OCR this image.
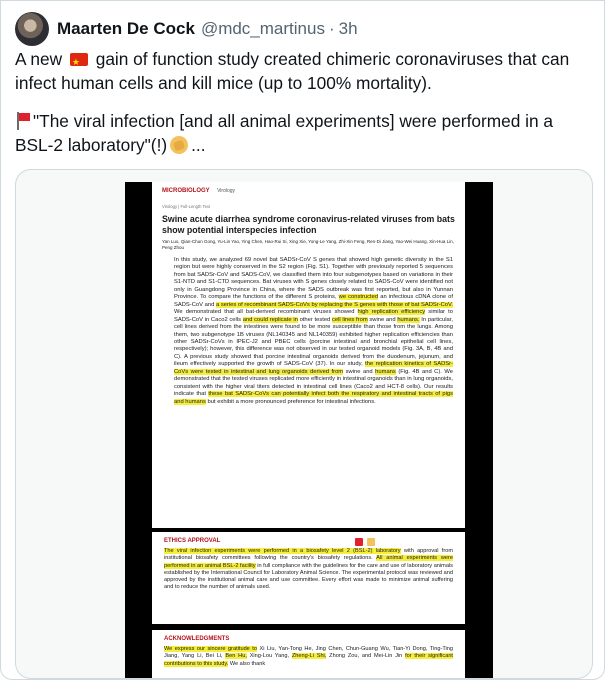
Maarten De Cock @mdc_martinus · 3h

A new ★ gain of function study created chimeric coronaviruses that can infect human cells and kill mice (up to 100% mortality).

"The viral infection [and all animal experiments] were performed in a BSL-2 laboratory"(!) ...

MICROBIOLOGY Virology
Virology | Full-Length Text
Swine acute diarrhea syndrome coronavirus-related viruses from bats show potential interspecies infection
Yan Luo, Qian-Chun Gong, Yu-Lin Yao, Ying Chen, Hao-Rui Si, Xing Xie, Yong-Le Yang, Zhi-Xin Feng, Ren-Di Jiang, Yao-Wei Huang, Xin-Hua Lin, Peng Zhou
In this study, we analyzed 69 novel bat SADSr-CoV S genes that showed high genetic diversity in the S1 region but were highly conserved in the S2 region (Fig. S1). Together with previously reported 5 sequences from bat SADSr-CoV and SADS-CoV, we classified them into four subgenotypes based on variations in their S1-NTD and S1-CTD sequences. Bat viruses with S genes closely related to SADS-CoV were identified not only in Guangdong Province in China, where the SADS outbreak was first reported, but also in Yunnan Province. To compare the functions of the different S proteins, we constructed an infectious cDNA clone of SADS-CoV and a series of recombinant SADS-CoVs by replacing the S genes with those of bat SADSr-CoV. We demonstrated that all bat-derived recombinant viruses showed high replication efficiency similar to SADS-CoV in Caco2 cells and could replicate in other tested cell lines from swine and humans. In particular, cell lines derived from the intestines were found to be more susceptible than those from the lungs. Among them, two subgenotype 1B viruses (NL140345 and NL140359) exhibited higher replication efficiencies than other SADSr-CoVs in IPEC-J2 and PBEC cells (porcine intestinal and bronchial epithelial cell lines, respectively); however, this difference was not observed in our tested organoid models (Fig. 3A, B, 4B and C). A previous study showed that porcine intestinal organoids derived from the duodenum, jejunum, and ileum effectively supported the growth of SADS-CoV (37). In our study, the replication kinetics of SADSr-CoVs were tested in intestinal and lung organoids derived from swine and humans (Fig. 4B and C). We demonstrated that the tested viruses replicated more efficiently in intestinal organoids than in lung organoids, consistent with the higher viral titers detected in intestinal cell lines (Caco2 and HCT-8 cells). Our results indicate that these bat SADSr-CoVs can potentially infect both the respiratory and intestinal tracts of pigs and humans but exhibit a more pronounced preference for intestinal infections.
ETHICS APPROVAL
The viral infection experiments were performed in a biosafety level 2 (BSL-2) laboratory with approval from institutional biosafety committees following the country's biosafety regulations. All animal experiments were performed in an animal BSL-2 facility in full compliance with the guidelines for the care and use of laboratory animals established by the International Council for Laboratory Animal Science. The experimental protocol was reviewed and approved by the institutional animal care and use committee. Every effort was made to minimize animal suffering and to reduce the number of animals used.
ACKNOWLEDGMENTS
We express our sincere gratitude to Xi Liu, Yan-Tong He, Jing Chen, Chun-Guang Wu, Tian-Yi Dong, Ting-Ting Jiang, Yang Li, Bei Li, Ben Hu, Xing-Lou Yang, Zheng-Li Shi, Zhong Zou, and Mei-Lin Jin for their significant contributions to this study. We also thank
